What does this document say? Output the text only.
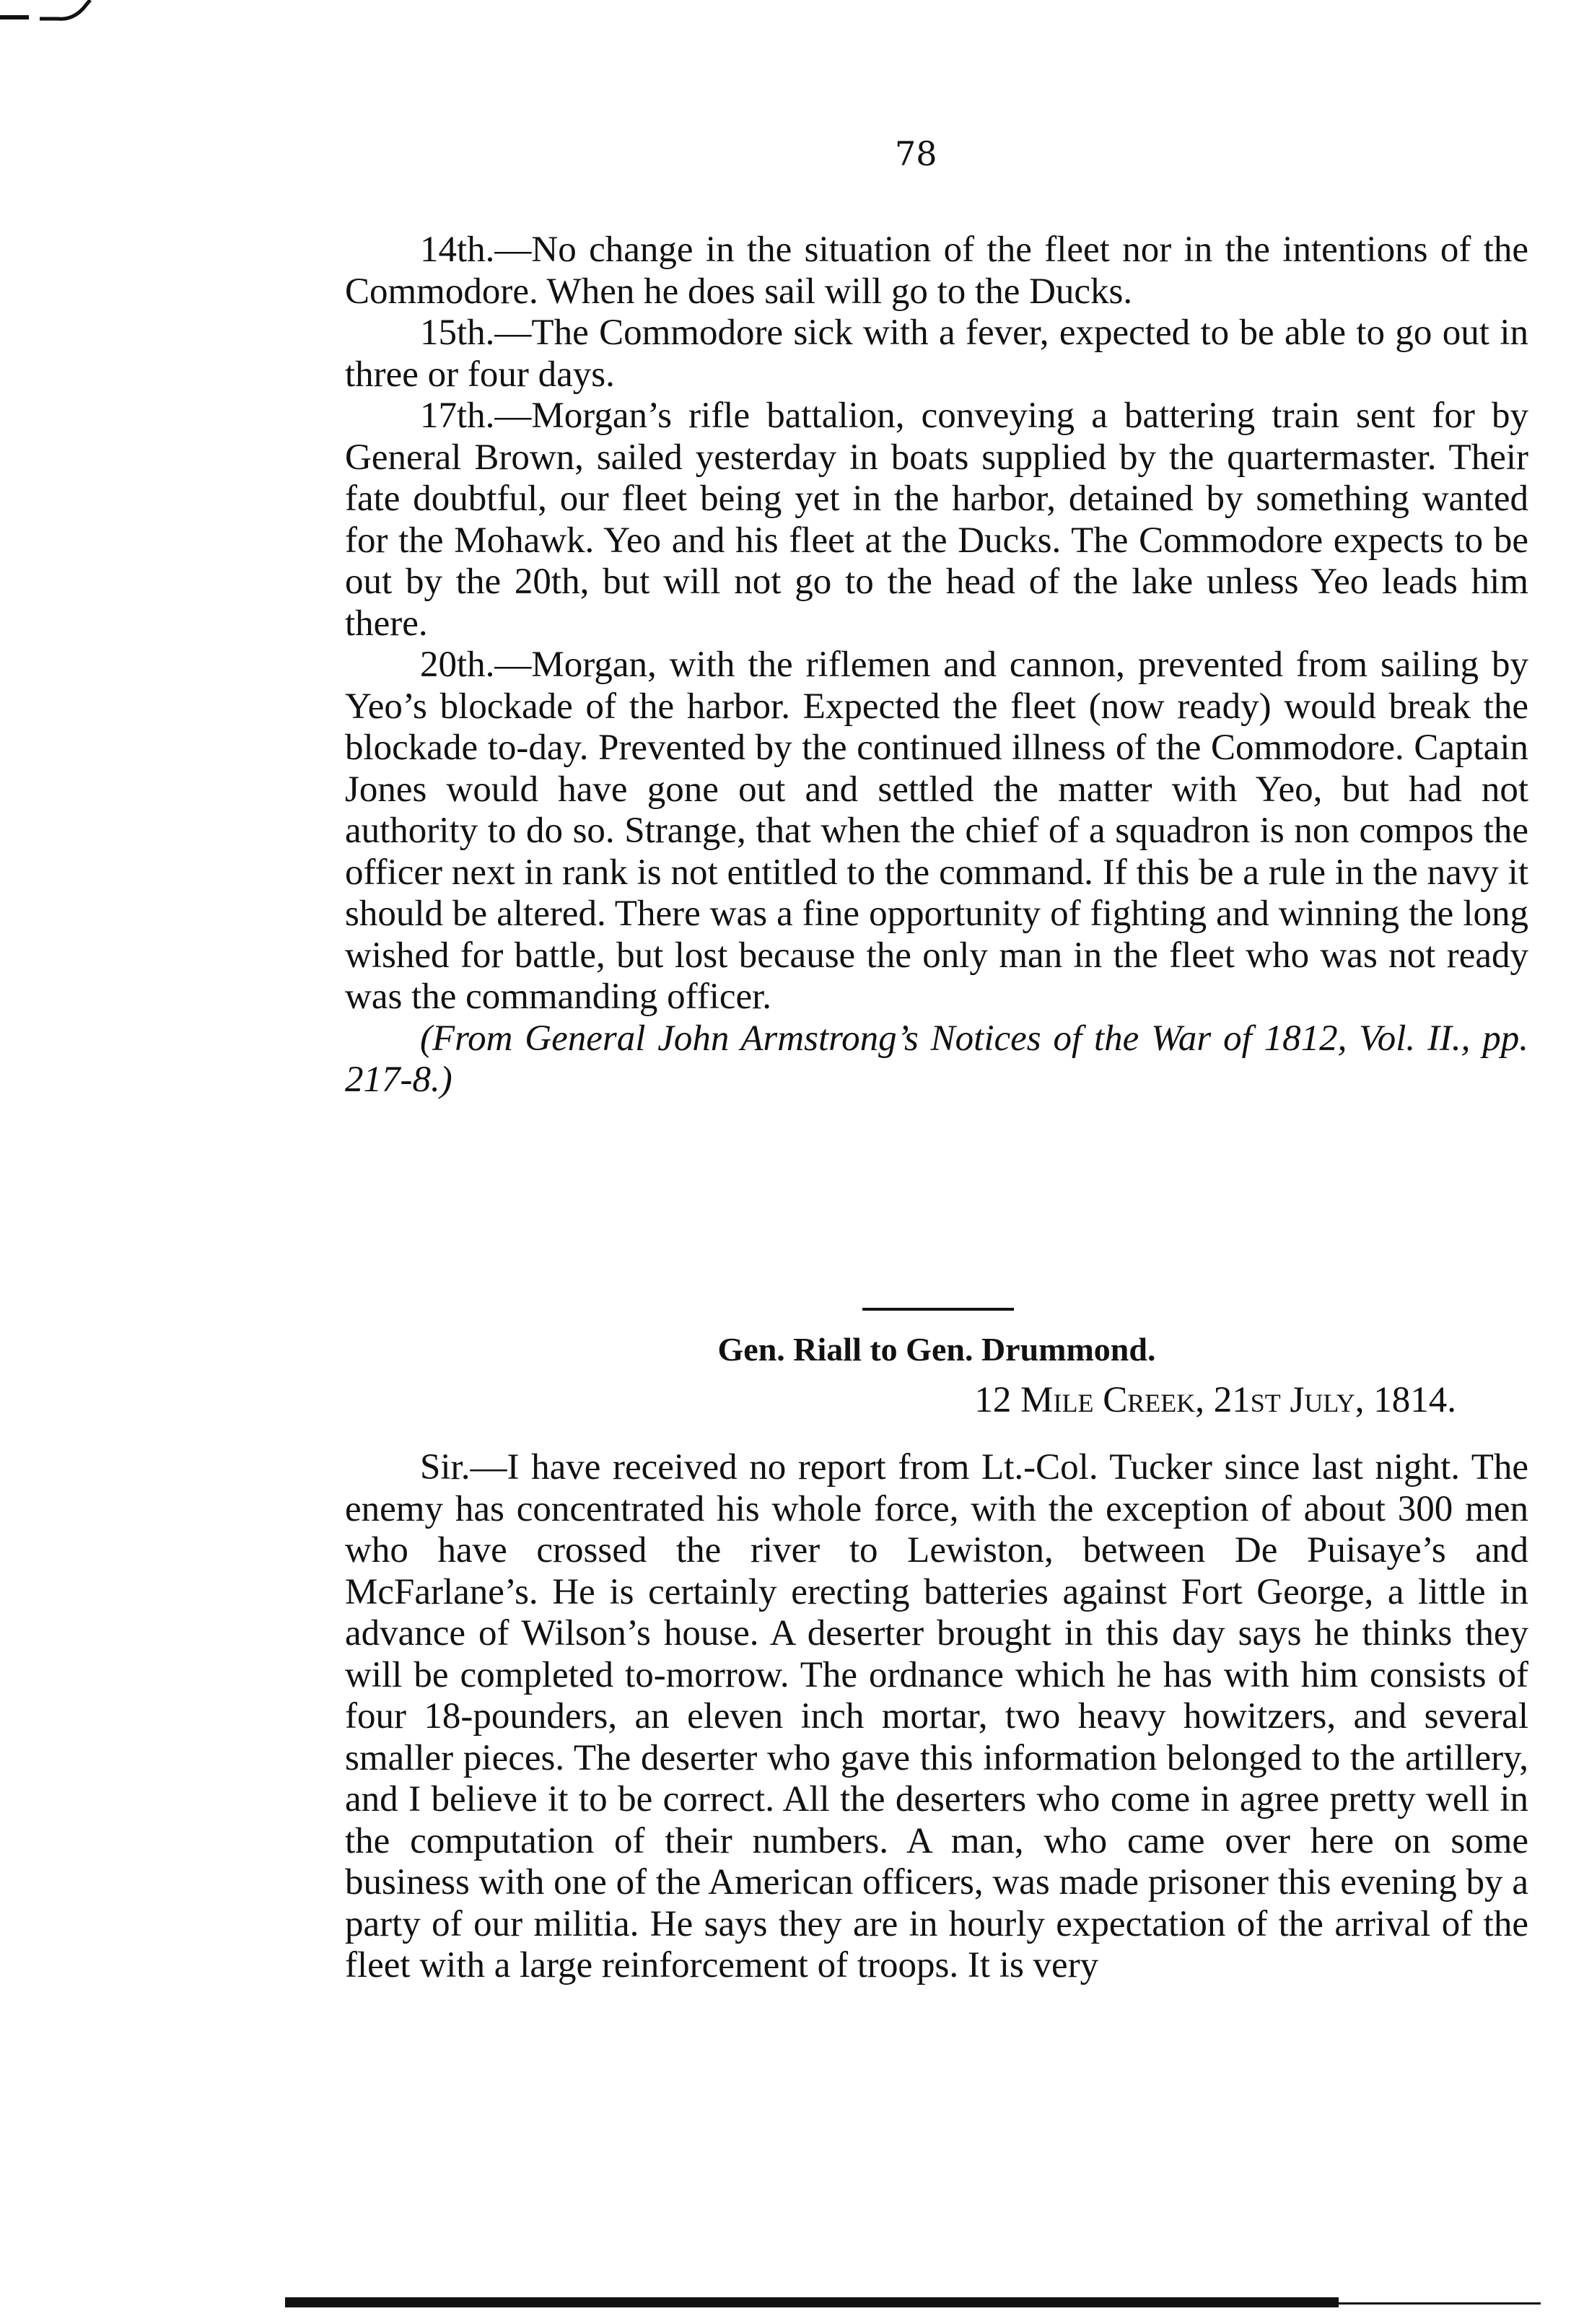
78

14th.—No change in the situation of the fleet nor in the intentions of the Commodore. When he does sail will go to the Ducks.

15th.—The Commodore sick with a fever, expected to be able to go out in three or four days.

17th.—Morgan’s rifle battalion, conveying a battering train sent for by General Brown, sailed yesterday in boats supplied by the quartermaster. Their fate doubtful, our fleet being yet in the harbor, detained by something wanted for the Mohawk. Yeo and his fleet at the Ducks. The Commodore expects to be out by the 20th, but will not go to the head of the lake unless Yeo leads him there.

20th.—Morgan, with the riflemen and cannon, prevented from sailing by Yeo’s blockade of the harbor. Expected the fleet (now ready) would break the blockade to-day. Prevented by the continued illness of the Commodore. Captain Jones would have gone out and settled the matter with Yeo, but had not authority to do so. Strange, that when the chief of a squadron is non compos the officer next in rank is not entitled to the command. If this be a rule in the navy it should be altered. There was a fine opportunity of fighting and winning the long wished for battle, but lost because the only man in the fleet who was not ready was the commanding officer.

(From General John Armstrong’s Notices of the War of 1812, Vol. II., pp. 217-8.)

Gen. Riall to Gen. Drummond.

12 Mile Creek, 21st July, 1814.

Sir.—I have received no report from Lt.-Col. Tucker since last night. The enemy has concentrated his whole force, with the exception of about 300 men who have crossed the river to Lewiston, between De Puisaye’s and McFarlane’s. He is certainly erecting batteries against Fort George, a little in advance of Wilson’s house. A deserter brought in this day says he thinks they will be completed to-morrow. The ordnance which he has with him consists of four 18-pounders, an eleven inch mortar, two heavy howitzers, and several smaller pieces. The deserter who gave this information belonged to the artillery, and I believe it to be correct. All the deserters who come in agree pretty well in the computation of their numbers. A man, who came over here on some business with one of the American officers, was made prisoner this evening by a party of our militia. He says they are in hourly expectation of the arrival of the fleet with a large reinforcement of troops. It is very
